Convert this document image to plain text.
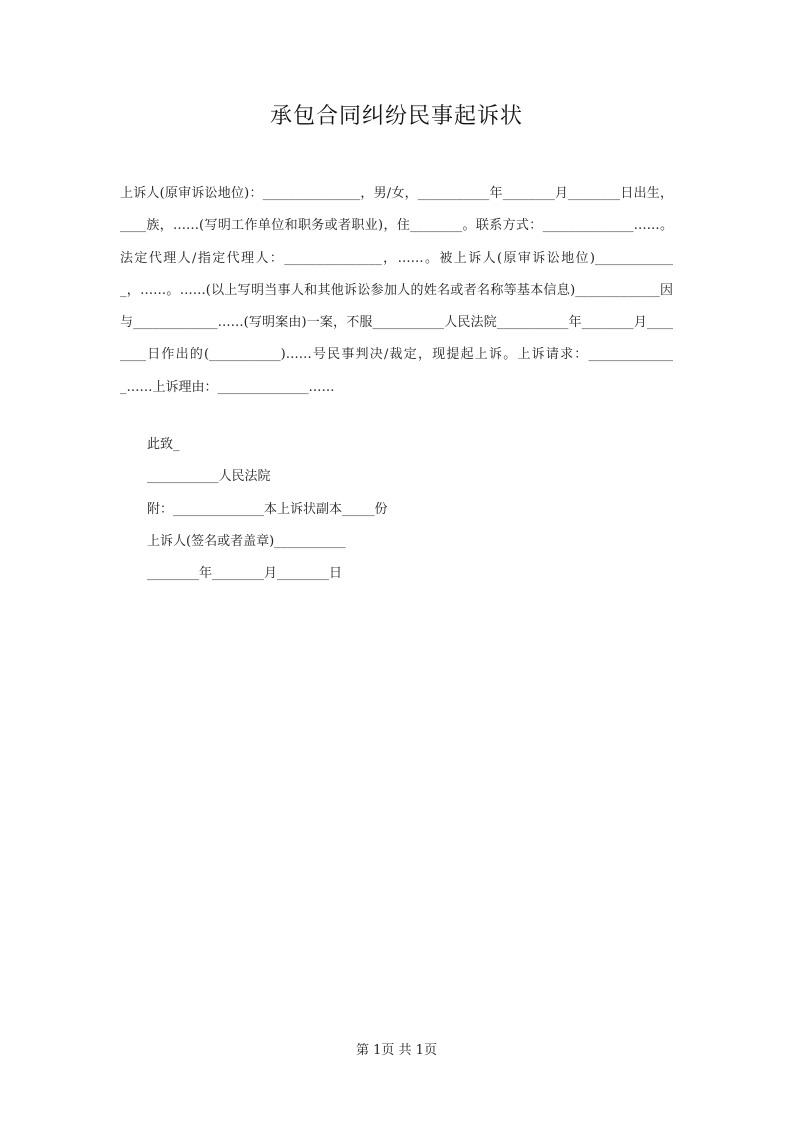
承包合同纠纷民事起诉状
上诉人(原审诉讼地位)：_______________，男/女，___________年________月________日出生，____族，……(写明工作单位和职务或者职业)，住________。联系方式：______________……。法定代理人/指定代理人：_______________，……。被上诉人(原审诉讼地位)_____________，……。……(以上写明当事人和其他诉讼参加人的姓名或者名称等基本信息)_____________因与_____________……(写明案由)一案，不服___________人民法院___________年________月________日作出的(___________)……号民事判决/裁定，现提起上诉。上诉请求：______________……上诉理由：______________……
此致_
___________人民法院
附：______________本上诉状副本_____份
上诉人(签名或者盖章)___________
________年________月________日
第 1页 共 1页
